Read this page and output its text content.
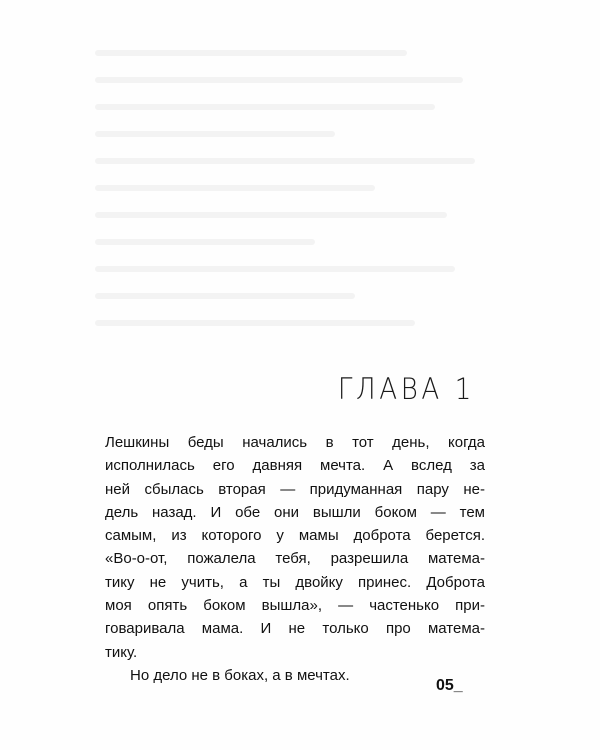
ГЛАВА 1
Лешкины беды начались в тот день, когда
исполнилась его давняя мечта. А вслед за
ней сбылась вторая — придуманная пару не-
дель назад. И обе они вышли боком — тем
самым, из которого у мамы доброта берется.
«Во-о-от, пожалела тебя, разрешила матема-
тику не учить, а ты двойку принес. Доброта
моя опять боком вышла», — частенько при-
говаривала мама. И не только про матема-
тику.
Но дело не в боках, а в мечтах.
05_
